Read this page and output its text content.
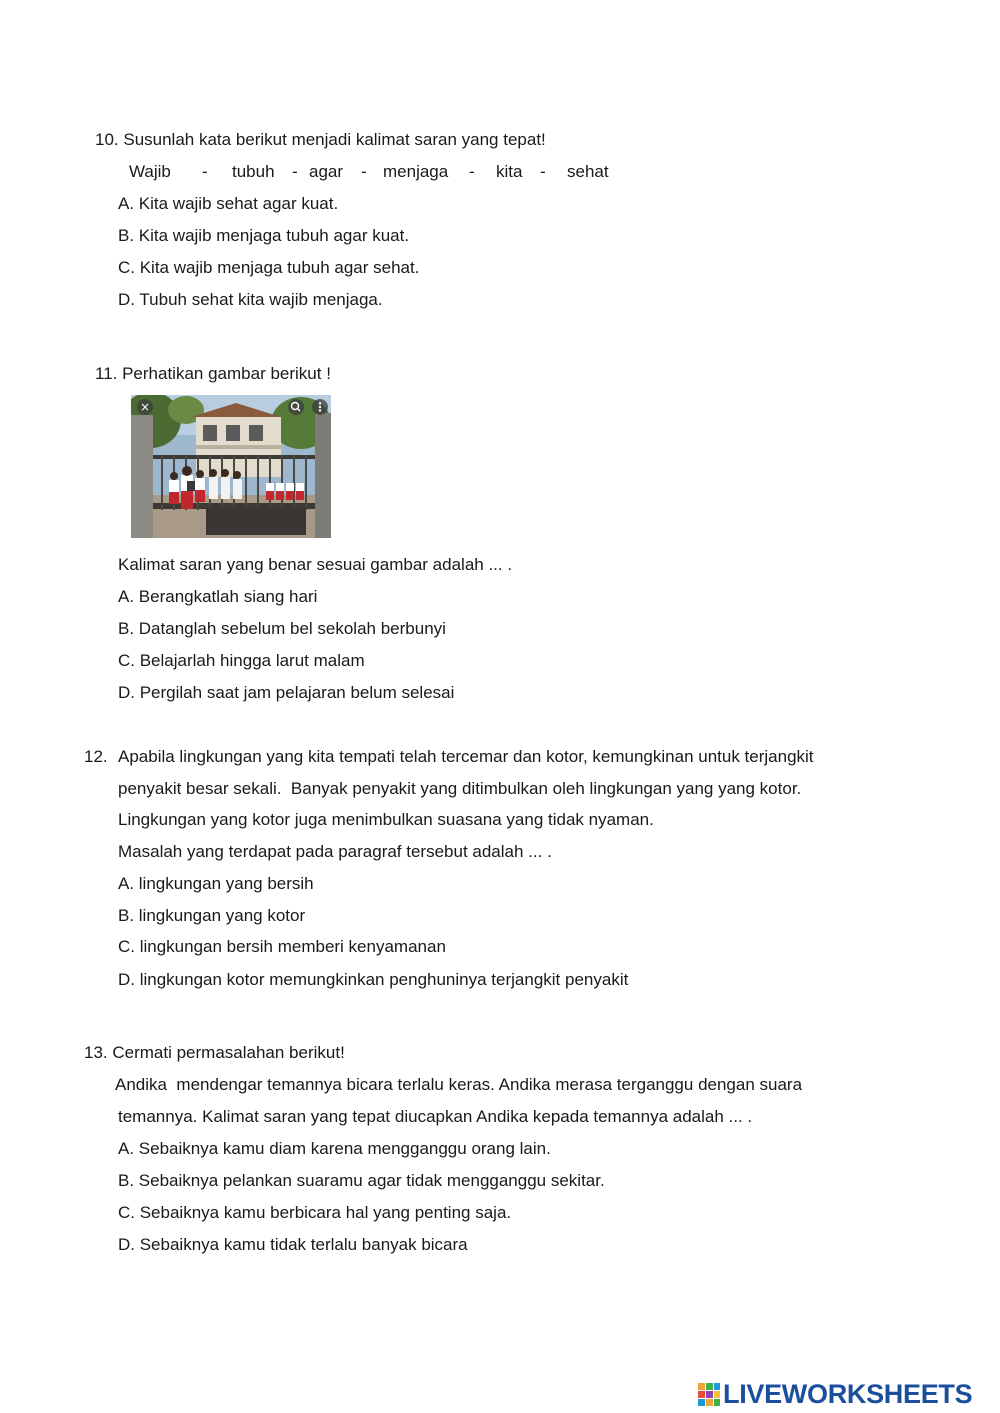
10. Susunlah kata berikut menjadi kalimat saran yang tepat!
Wajib - tubuh - agar - menjaga - kita - sehat
A. Kita wajib sehat agar kuat.
B. Kita wajib menjaga tubuh agar kuat.
C. Kita wajib menjaga tubuh agar sehat.
D. Tubuh sehat kita wajib menjaga.
11. Perhatikan gambar berikut !
×
Kalimat saran yang benar sesuai gambar adalah ... .
A. Berangkatlah siang hari
B. Datanglah sebelum bel sekolah berbunyi
C. Belajarlah hingga larut malam
D. Pergilah saat jam pelajaran belum selesai
12. Apabila lingkungan yang kita tempati telah tercemar dan kotor, kemungkinan untuk terjangkit
penyakit besar sekali.  Banyak penyakit yang ditimbulkan oleh lingkungan yang yang kotor.
Lingkungan yang kotor juga menimbulkan suasana yang tidak nyaman.
Masalah yang terdapat pada paragraf tersebut adalah ... .
A. lingkungan yang bersih
B. lingkungan yang kotor
C. lingkungan bersih memberi kenyamanan
D. lingkungan kotor memungkinkan penghuninya terjangkit penyakit
13. Cermati permasalahan berikut!
Andika  mendengar temannya bicara terlalu keras. Andika merasa terganggu dengan suara
temannya. Kalimat saran yang tepat diucapkan Andika kepada temannya adalah ... .
A. Sebaiknya kamu diam karena mengganggu orang lain.
B. Sebaiknya pelankan suaramu agar tidak mengganggu sekitar.
C. Sebaiknya kamu berbicara hal yang penting saja.
D. Sebaiknya kamu tidak terlalu banyak bicara
LIVEWORKSHEETS
